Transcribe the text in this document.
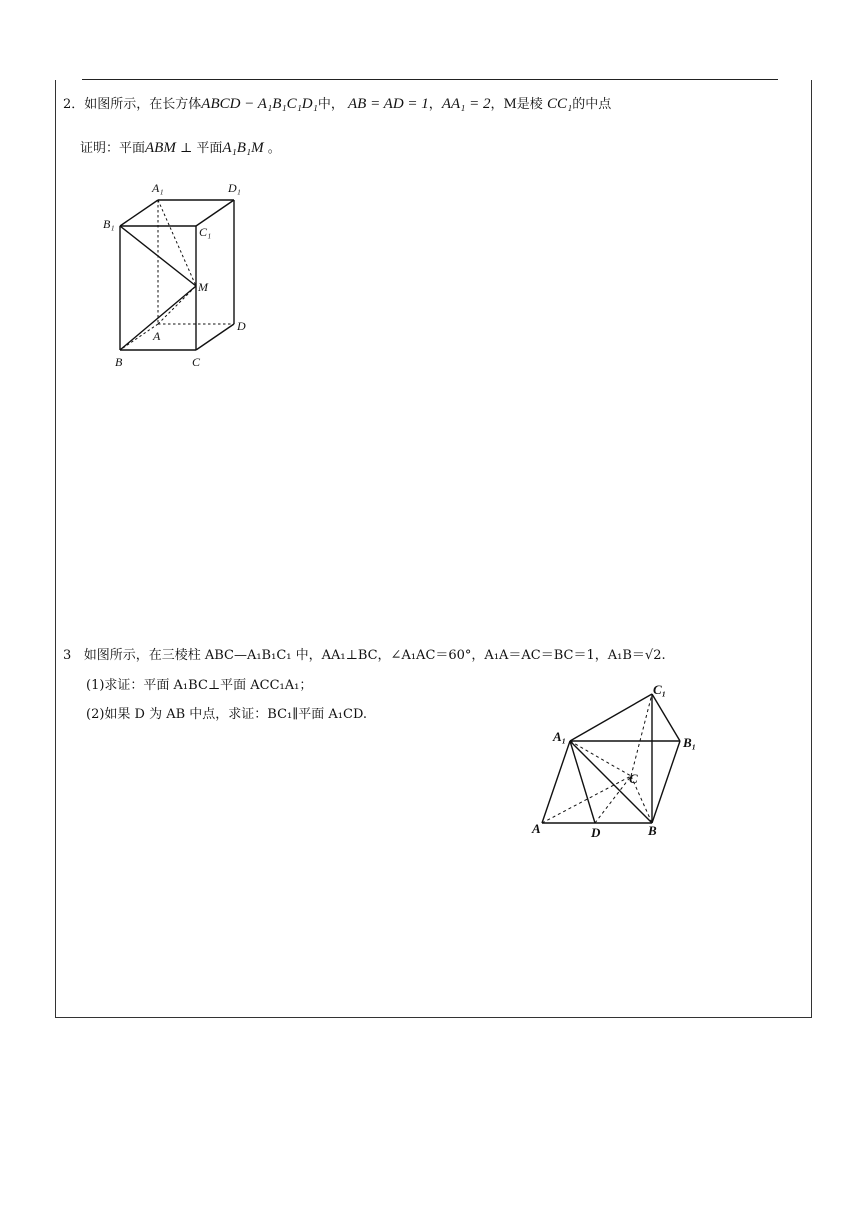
2．如图所示，在长方体ABCD − A₁B₁C₁D₁中， AB = AD = 1，AA₁ = 2，M是棱 CC₁的中点
证明：平面ABM ⊥ 平面A₁B₁M 。
A₁	D₁
B₁
C₁
M
A
D
B	C
3 如图所示，在三棱柱 ABC—A₁B₁C₁ 中，AA₁⊥BC，∠A₁AC＝60°，A₁A＝AC＝BC＝1，A₁B＝√2.
(1)求证：平面 A₁BC⊥平面 ACC₁A₁；
(2)如果 D 为 AB 中点，求证：BC₁∥平面 A₁CD.
C₁
A₁	B₁
C
A	D	B
